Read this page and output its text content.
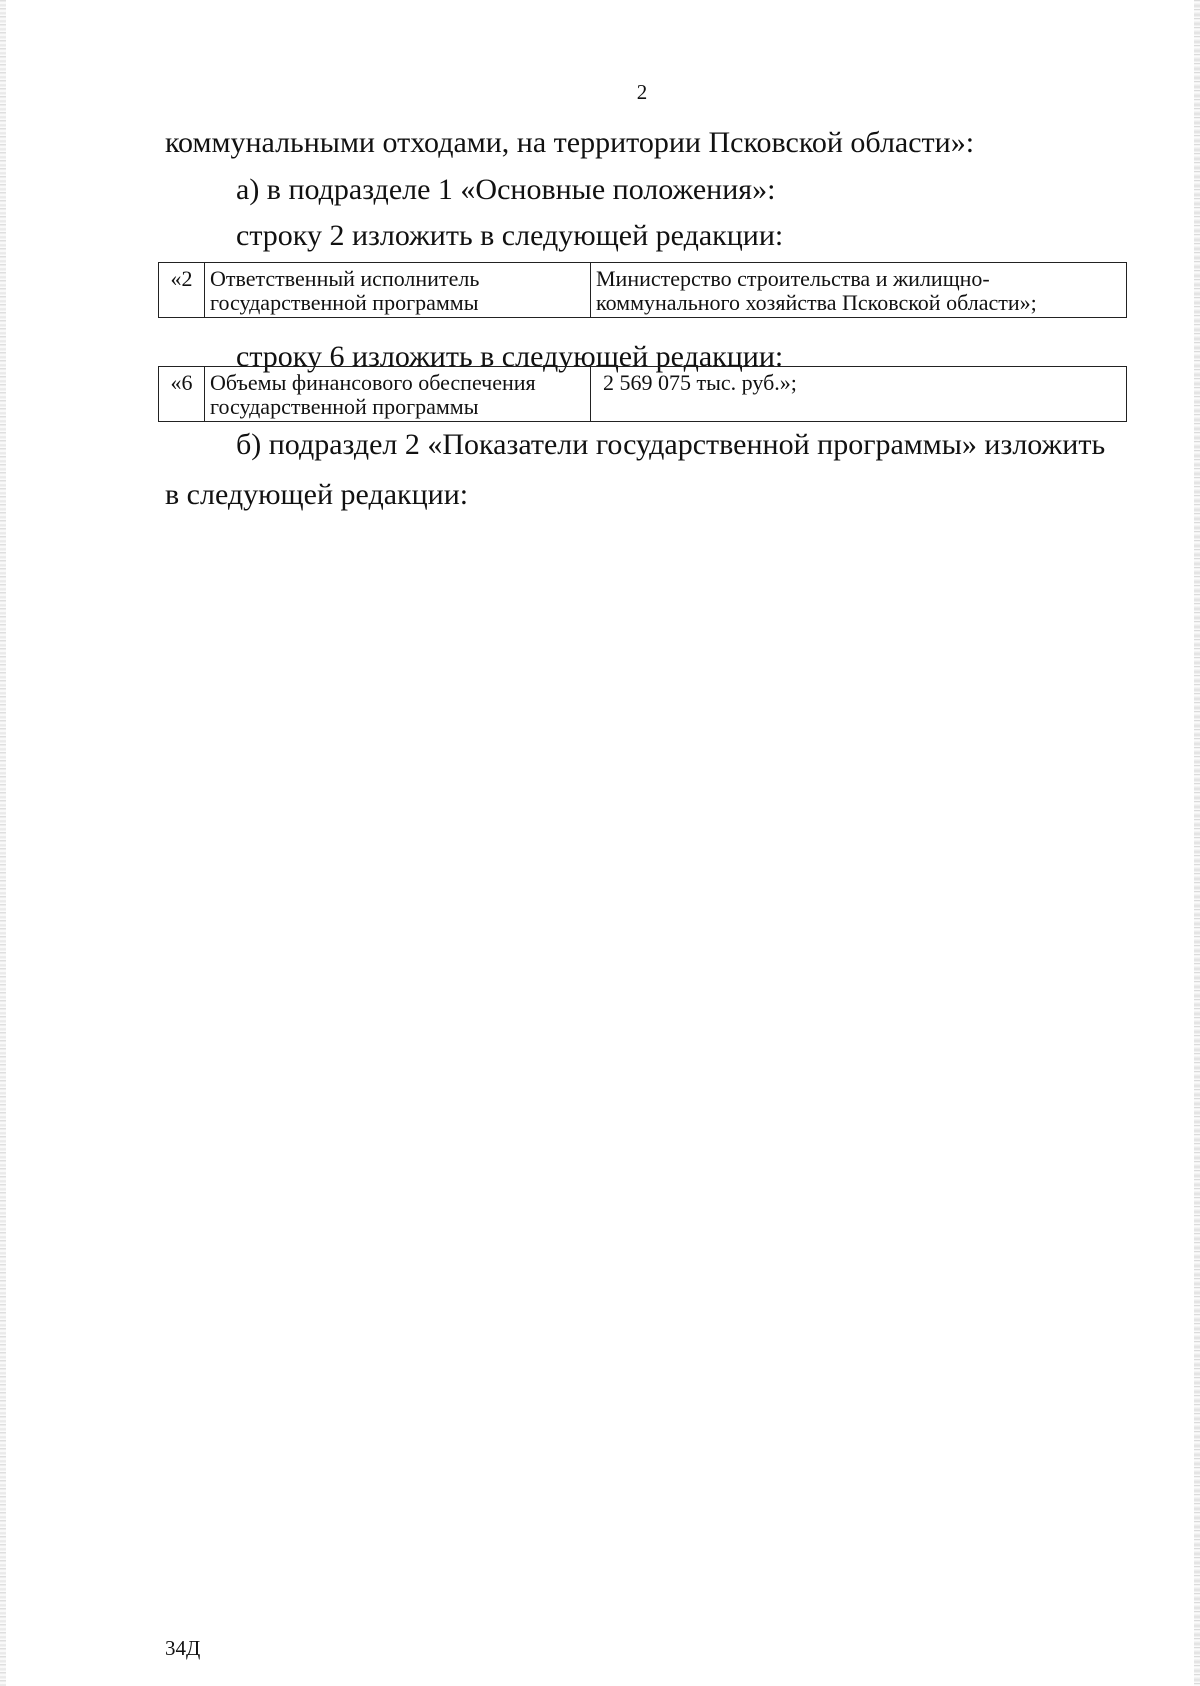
2
коммунальными отходами, на территории Псковской области»:
а) в подразделе 1 «Основные положения»:
строку 2 изложить в следующей редакции:
«2	Ответственный исполнитель
государственной программы

Министерство строительства и жилищно-
коммунального хозяйства Псковской области»;
строку 6 изложить в следующей редакции:
«6	Объемы финансового обеспечения
государственной программы

2 569 075 тыс. руб.»;
б) подраздел 2 «Показатели государственной программы» изложить
в следующей редакции:
34Д
